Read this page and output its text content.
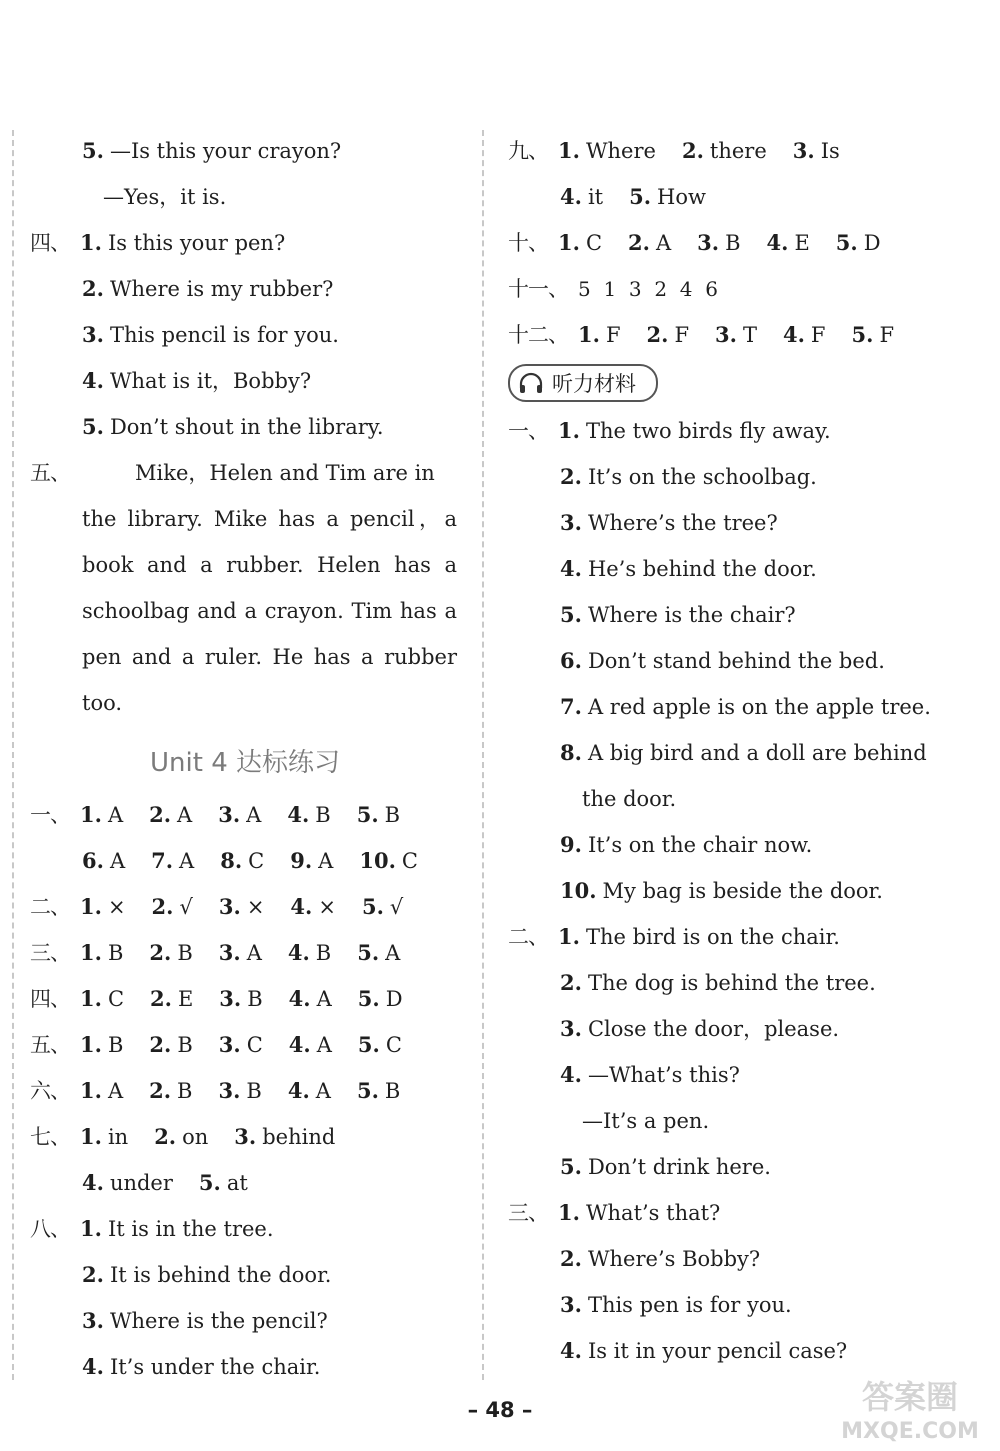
5. —Is this your crayon?
—Yes，it is.
四、 1. Is this your pen?
2. Where is my rubber?
3. This pencil is for you.
4. What is it，Bobby?
5. Don’t shout in the library.
五、	Mike，Helen and Tim are in
the library. Mike has a pencil，a book and a rubber. Helen has a schoolbag and a crayon. Tim has a pen and a ruler. He has a rubber too.
Unit 4 达标练习
一、 1. A 2. A 3. A 4. B 5. B
6. A 7. A 8. C 9. A 10. C
二、 1. × 2. √ 3. × 4. × 5. √
三、 1. B 2. B 3. A 4. B 5. A
四、 1. C 2. E 3. B 4. A 5. D
五、 1. B 2. B 3. C 4. A 5. C
六、 1. A 2. B 3. B 4. A 5. B
七、 1. in 2. on 3. behind
4. under 5. at
八、 1. It is in the tree.
2. It is behind the door.
3. Where is the pencil?
4. It’s under the chair.
九、 1. Where 2. there 3. Is
4. it 5. How
十、 1. C 2. A 3. B 4. E 5. D
十一、 5  1  3  2  4  6
十二、 1. F 2. F 3. T 4. F 5. F
听力材料
一、 1. The two birds fly away.
2. It’s on the schoolbag.
3. Where’s the tree?
4. He’s behind the door.
5. Where is the chair?
6. Don’t stand behind the bed.
7. A red apple is on the apple tree.
8. A big bird and a doll are behind
the door.
9. It’s on the chair now.
10. My bag is beside the door.
二、 1. The bird is on the chair.
2. The dog is behind the tree.
3. Close the door，please.
4. —What’s this?
—It’s a pen.
5. Don’t drink here.
三、 1. What’s that?
2. Where’s Bobby?
3. This pen is for you.
4. Is it in your pencil case?
– 48 –	答案圈
MXQE.COM
